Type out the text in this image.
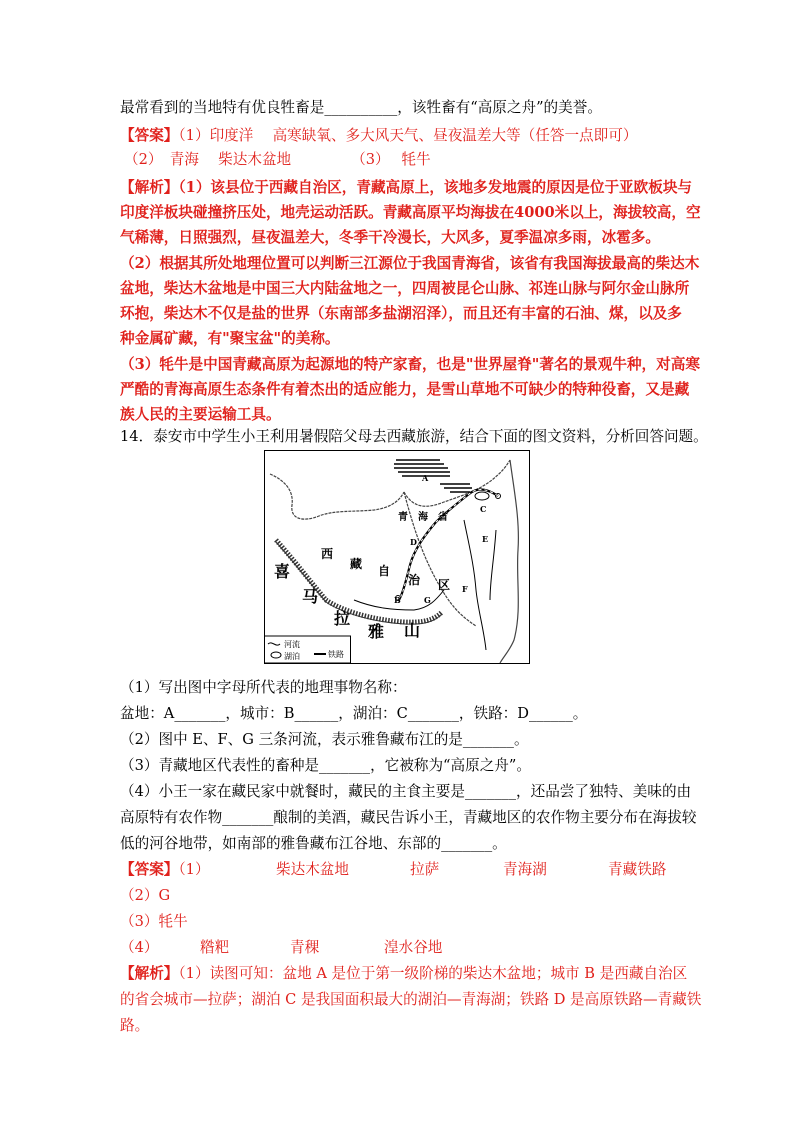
最常看到的当地特有优良牲畜是__________，该牲畜有“高原之舟”的美誉。
【答案】（1）印度洋　 高寒缺氧、多大风天气、昼夜温差大等（任答一点即可）
（2）　青海　 柴达木盆地	（3）　 牦牛
【解析】（1）该县位于西藏自治区，青藏高原上，该地多发地震的原因是位于亚欧板块与
印度洋板块碰撞挤压处，地壳运动活跃。青藏高原平均海拔在4000米以上，海拔较高，空
气稀薄，日照强烈，昼夜温差大，冬季干冷漫长，大风多，夏季温凉多雨，冰雹多。
（2）根据其所处地理位置可以判断三江源位于我国青海省，该省有我国海拔最高的柴达木
盆地，柴达木盆地是中国三大内陆盆地之一，四周被昆仑山脉、祁连山脉与阿尔金山脉所
环抱，柴达木不仅是盐的世界（东南部多盐湖沼泽），而且还有丰富的石油、煤，以及多
种金属矿藏，有"聚宝盆"的美称。
（3）牦牛是中国青藏高原为起源地的特产家畜，也是"世界屋脊"著名的景观牛种，对高寒
严酷的青海高原生态条件有着杰出的适应能力，是雪山草地不可缺少的特种役畜，又是藏
族人民的主要运输工具。
14．泰安市中学生小王利用暑假陪父母去西藏旅游，结合下面的图文资料，分析回答问题。
A
C
D	E
F
B	G
青　海　省
西
藏 自
治 区
喜
马
拉
雅 山
河流
湖泊	铁路
（1）写出图中字母所代表的地理事物名称：
盆地：A_______，城市：B______，湖泊：C_______，铁路：D______。
（2）图中 E、F、G 三条河流，表示雅鲁藏布江的是_______。
（3）青藏地区代表性的畜种是_______，它被称为“高原之舟”。
（4）小王一家在藏民家中就餐时，藏民的主食主要是_______，还品尝了独特、美味的由
高原特有农作物_______酿制的美酒，藏民告诉小王，青藏地区的农作物主要分布在海拔较
低的河谷地带，如南部的雅鲁藏布江谷地、东部的_______。
【答案】（1）	柴达木盆地	拉萨	青海湖	青藏铁路
（2）G
（3）牦牛
（4）	糌粑	青稞	湟水谷地
【解析】（1）读图可知：盆地 A 是位于第一级阶梯的柴达木盆地；城市 B 是西藏自治区
的省会城市—拉萨；湖泊 C 是我国面积最大的湖泊—青海湖；铁路 D 是高原铁路—青藏铁
路。
